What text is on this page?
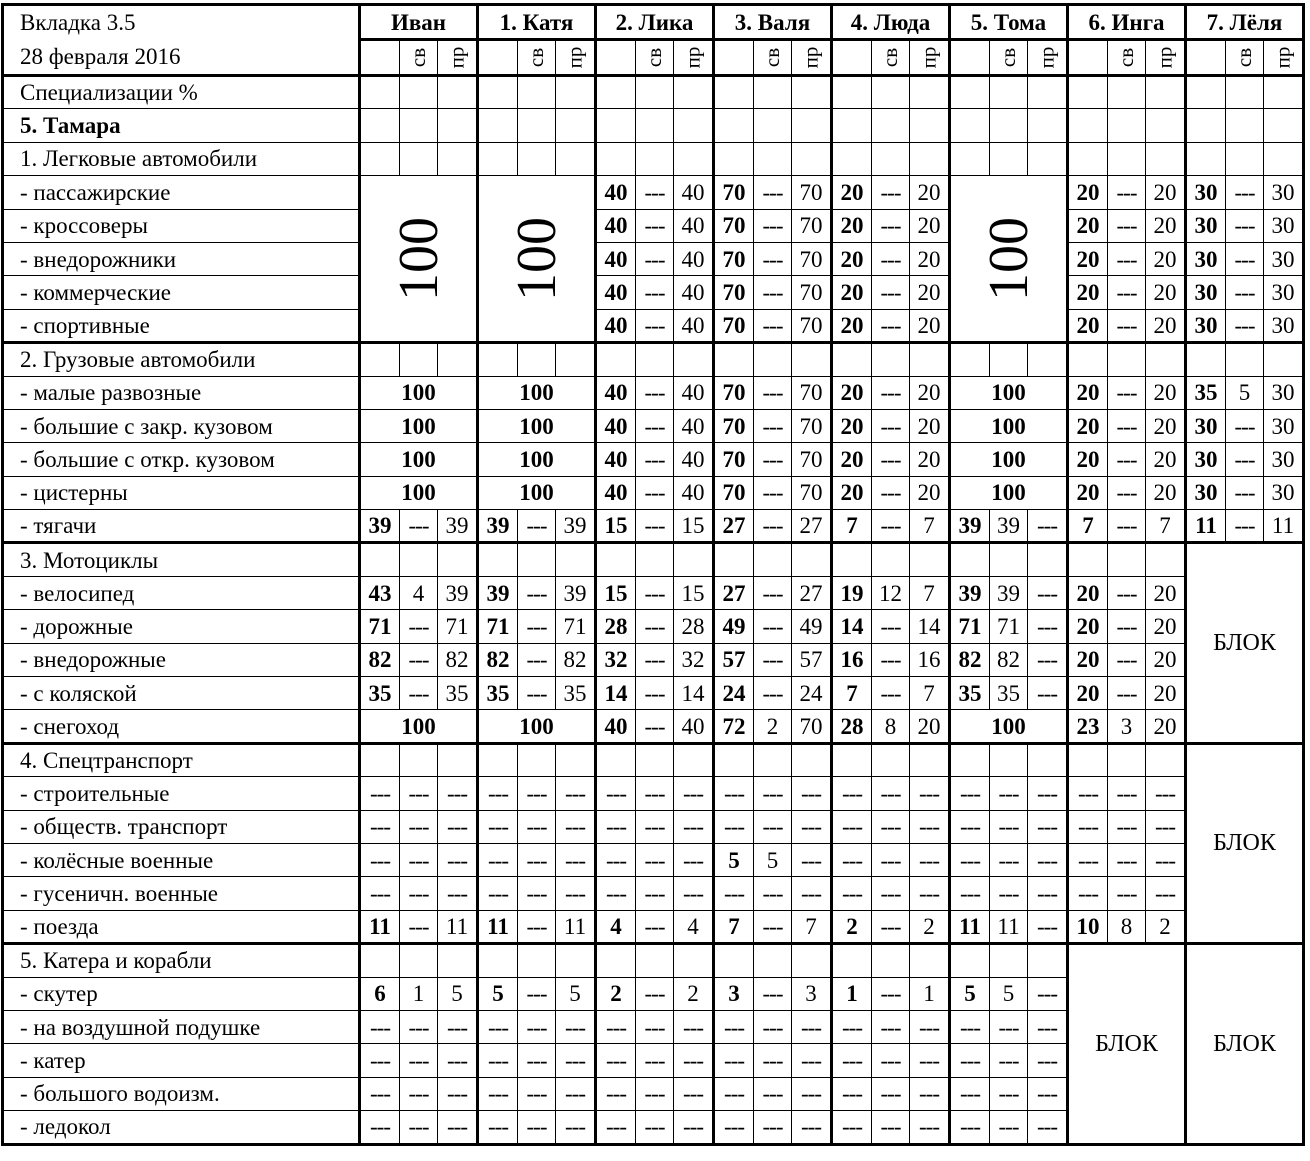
Вкладка 3.5	Иван			1. Катя			2. Лика			3. Валя			4. Люда			5. Тома			6. Инга			7. Лёля		
28 февраля 2016		св	пр		св	пр		св	пр		св	пр		св	пр		св	пр		св	пр		св	пр
Специализации %																								
5. Тамара																								
1. Легковые автомобили																								
- пассажирские	100			100			40	---	40	70	---	70	20	---	20	100			20	---	20	30	---	30
- кроссоверы							40	---	40	70	---	70	20	---	20				20	---	20	30	---	30
- внедорожники							40	---	40	70	---	70	20	---	20				20	---	20	30	---	30
- коммерческие							40	---	40	70	---	70	20	---	20				20	---	20	30	---	30
- спортивные							40	---	40	70	---	70	20	---	20				20	---	20	30	---	30
2. Грузовые автомобили																								
- малые развозные	100			100			40	---	40	70	---	70	20	---	20	100			20	---	20	35	5	30
- большие с закр. кузовом	100			100			40	---	40	70	---	70	20	---	20	100			20	---	20	30	---	30
- большие с откр. кузовом	100			100			40	---	40	70	---	70	20	---	20	100			20	---	20	30	---	30
- цистерны	100			100			40	---	40	70	---	70	20	---	20	100			20	---	20	30	---	30
- тягачи	39	---	39	39	---	39	15	---	15	27	---	27	7	---	7	39	39	---	7	---	7	11	---	11
3. Мотоциклы																						БЛОК		
- велосипед	43	4	39	39	---	39	15	---	15	27	---	27	19	12	7	39	39	---	20	---	20			
- дорожные	71	---	71	71	---	71	28	---	28	49	---	49	14	---	14	71	71	---	20	---	20			
- внедорожные	82	---	82	82	---	82	32	---	32	57	---	57	16	---	16	82	82	---	20	---	20			
- с коляской	35	---	35	35	---	35	14	---	14	24	---	24	7	---	7	35	35	---	20	---	20			
- снегоход	100			100			40	---	40	72	2	70	28	8	20	100			23	3	20			
4. Спецтранспорт																						БЛОК		
- строительные	---	---	---	---	---	---	---	---	---	---	---	---	---	---	---	---	---	---	---	---	---			
- обществ. транспорт	---	---	---	---	---	---	---	---	---	---	---	---	---	---	---	---	---	---	---	---	---			
- колёсные военные	---	---	---	---	---	---	---	---	---	5	5	---	---	---	---	---	---	---	---	---	---			
- гусеничн. военные	---	---	---	---	---	---	---	---	---	---	---	---	---	---	---	---	---	---	---	---	---			
- поезда	11	---	11	11	---	11	4	---	4	7	---	7	2	---	2	11	11	---	10	8	2			
5. Катера и корабли																			БЛОК			БЛОК		
- скутер	6	1	5	5	---	5	2	---	2	3	---	3	1	---	1	5	5	---						
- на воздушной подушке	---	---	---	---	---	---	---	---	---	---	---	---	---	---	---	---	---	---						
- катер	---	---	---	---	---	---	---	---	---	---	---	---	---	---	---	---	---	---						
- большого водоизм.	---	---	---	---	---	---	---	---	---	---	---	---	---	---	---	---	---	---						
- ледокол	---	---	---	---	---	---	---	---	---	---	---	---	---	---	---	---	---	---						
